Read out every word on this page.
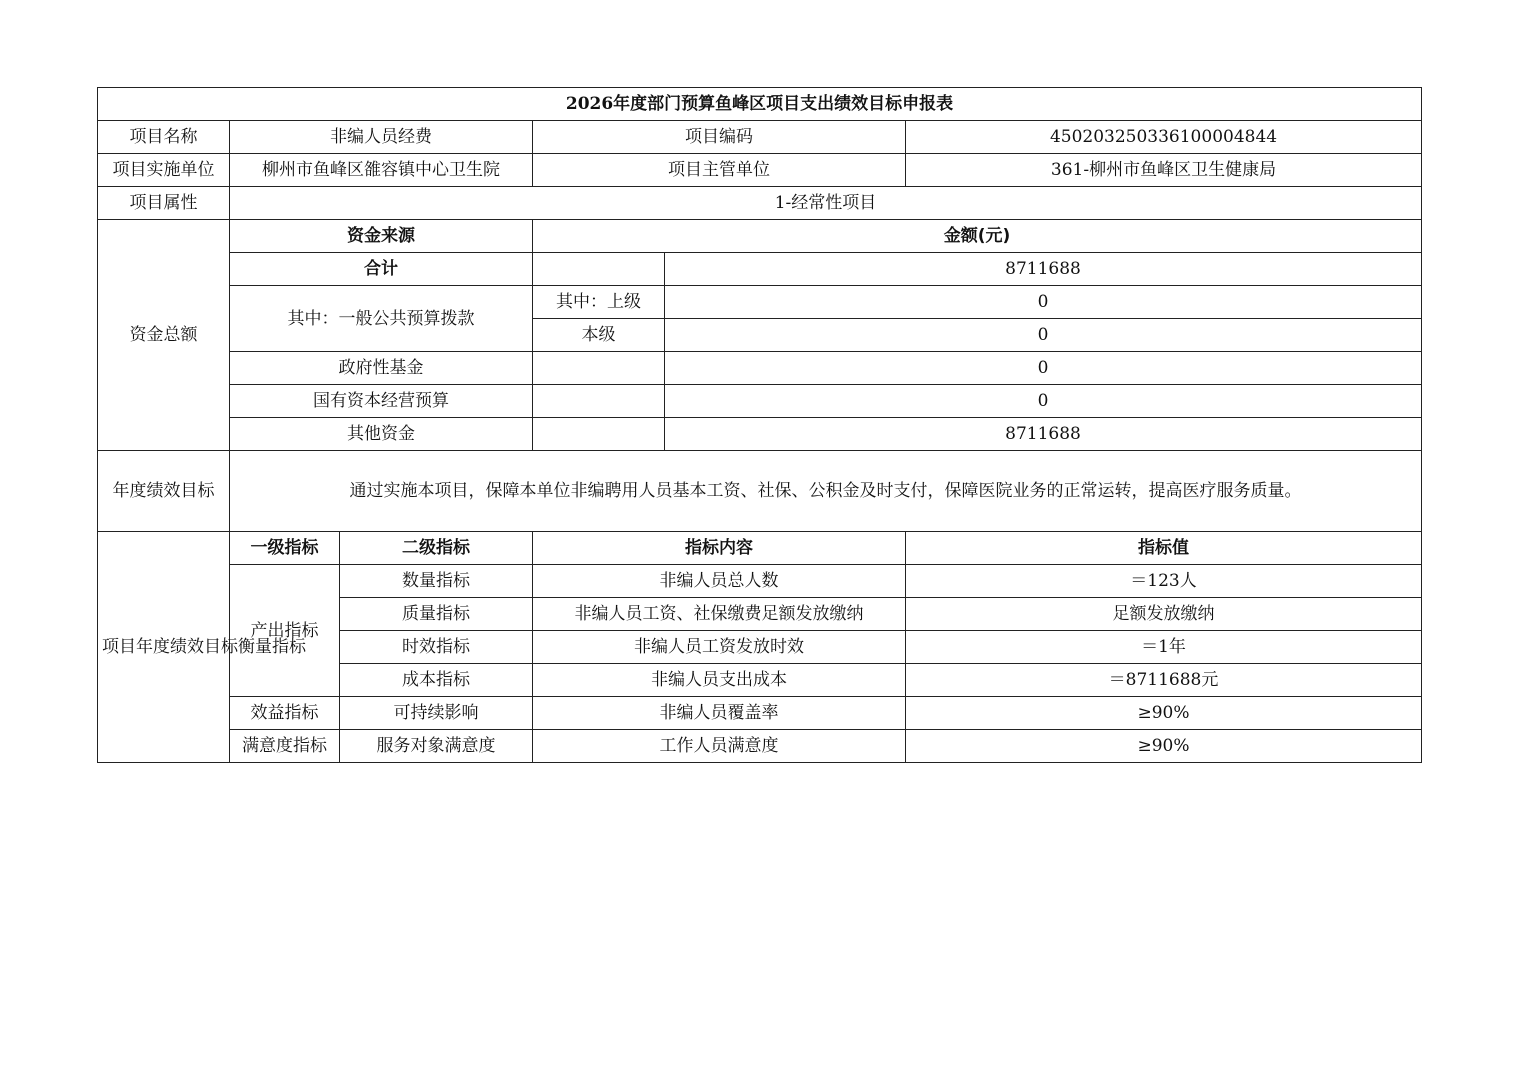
2026年度部门预算鱼峰区项目支出绩效目标申报表					
项目名称	非编人员经费		项目编码		450203250336100004844
项目实施单位	柳州市鱼峰区雒容镇中心卫生院		项目主管单位		361-柳州市鱼峰区卫生健康局
项目属性	1-经常性项目				
资金总额	资金来源		金额(元)		
	合计			8711688	
	其中：一般公共预算拨款		其中：上级	0	
			本级	0	
	政府性基金			0	
	国有资本经营预算			0	
	其他资金			8711688	
年度绩效目标	通过实施本项目，保障本单位非编聘用人员基本工资、社保、公积金及时支付，保障医院业务的正常运转，提高医疗服务质量。				
项目年度绩效目标衡量指标	一级指标	二级指标	指标内容		指标值
	产出指标	数量指标	非编人员总人数		＝123人
		质量指标	非编人员工资、社保缴费足额发放缴纳		足额发放缴纳
		时效指标	非编人员工资发放时效		＝1年
		成本指标	非编人员支出成本		＝8711688元
	效益指标	可持续影响	非编人员覆盖率		≥90%
	满意度指标	服务对象满意度	工作人员满意度		≥90%
